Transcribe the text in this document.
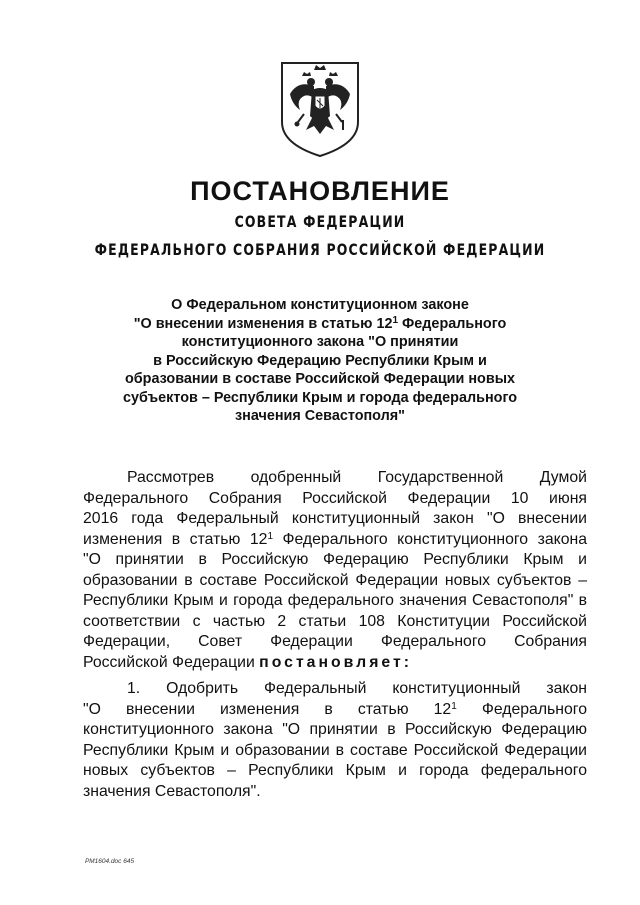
ПОСТАНОВЛЕНИЕ
СОВЕТА ФЕДЕРАЦИИ
ФЕДЕРАЛЬНОГО СОБРАНИЯ РОССИЙСКОЙ ФЕДЕРАЦИИ
О Федеральном конституционном законе
"О внесении изменения в статью $12^1$ Федерального
конституционного закона "О принятии
в Российскую Федерацию Республики Крым и
образовании в составе Российской Федерации новых
субъектов – Республики Крым и города федерального
значения Севастополя"
Рассмотрев одобренный Государственной Думой
Федерального Собрания Российской Федерации 10 июня
2016 года Федеральный конституционный закон "О внесении
изменения в статью $12^1$ Федерального конституционного закона
"О принятии в Российскую Федерацию Республики Крым и
образовании в составе Российской Федерации новых субъектов –
Республики Крым и города федерального значения Севастополя" в
соответствии с частью 2 статьи 108 Конституции Российской
Федерации, Совет Федерации Федерального Собрания
Российской Федерации постановляет:
1. Одобрить Федеральный конституционный закон
"О внесении изменения в статью $12^1$ Федерального
конституционного закона "О принятии в Российскую Федерацию
Республики Крым и образовании в составе Российской Федерации
новых субъектов – Республики Крым и города федерального
значения Севастополя".
РМ1604.doc 645
